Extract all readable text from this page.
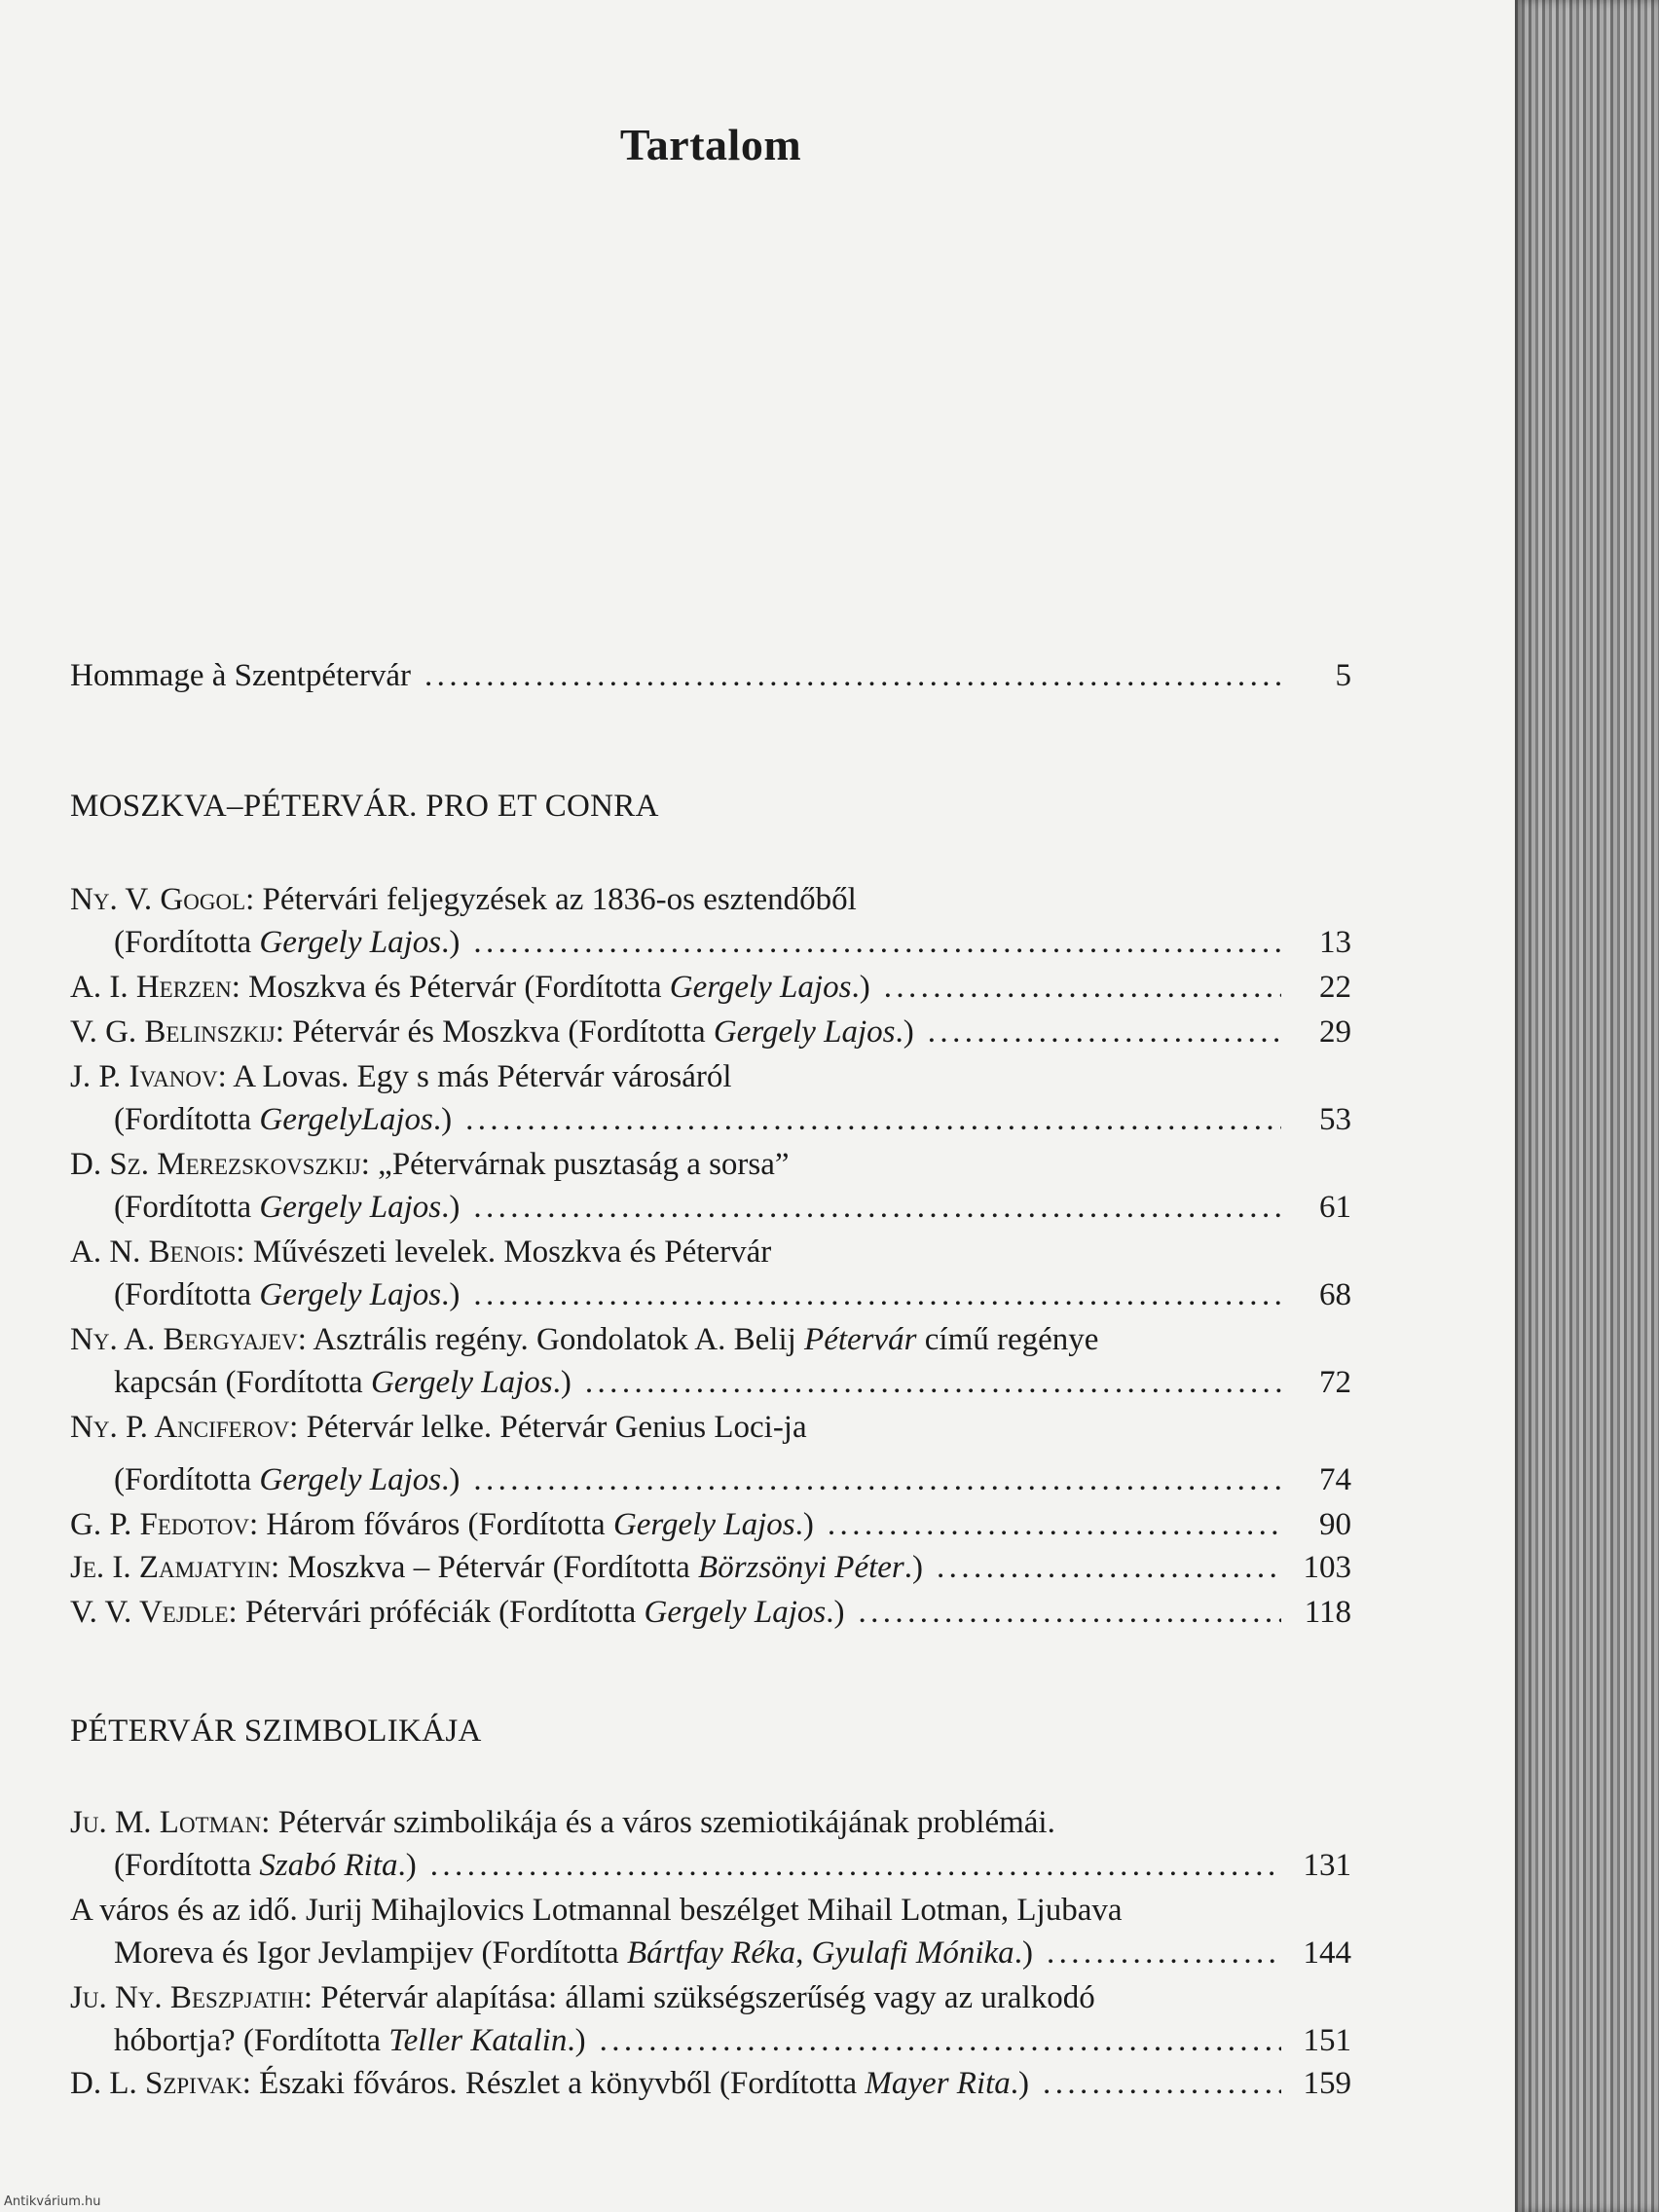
Tartalom
Hommage à Szentpétervár .....	5
MOSZKVA–PÉTERVÁR. PRO ET CONRA
Ny. V. Gogol: Pétervári feljegyzések az 1836-os esztendőből
(Fordította Gergely Lajos.) .....	13
A. I. Herzen: Moszkva és Pétervár (Fordította Gergely Lajos.) .....	22
V. G. Belinszkij: Pétervár és Moszkva (Fordította Gergely Lajos.) .....	29
J. P. Ivanov: A Lovas. Egy s más Pétervár városáról
(Fordította GergelyLajos.) .....	53
D. Sz. Merezskovszkij: „Pétervárnak pusztaság a sorsa”
(Fordította Gergely Lajos.) .....	61
A. N. Benois: Művészeti levelek. Moszkva és Pétervár
(Fordította Gergely Lajos.) .....	68
Ny. A. Bergyajev: Asztrális regény. Gondolatok A. Belij Pétervár című regénye
kapcsán (Fordította Gergely Lajos.) .....	72
Ny. P. Anciferov: Pétervár lelke. Pétervár Genius Loci-ja
(Fordította Gergely Lajos.) .....	74
G. P. Fedotov: Három főváros (Fordította Gergely Lajos.) .....	90
Je. I. Zamjatyin: Moszkva – Pétervár (Fordította Börzsönyi Péter.) .....	103
V. V. Vejdle: Pétervári próféciák (Fordította Gergely Lajos.) .....	118
PÉTERVÁR SZIMBOLIKÁJA
Ju. M. Lotman: Pétervár szimbolikája és a város szemiotikájának problémái.
(Fordította Szabó Rita.) .....	131
A város és az idő. Jurij Mihajlovics Lotmannal beszélget Mihail Lotman, Ljubava
Moreva és Igor Jevlampijev (Fordította Bártfay Réka, Gyulafi Mónika.) .....	144
Ju. Ny. Beszpjatih: Pétervár alapítása: állami szükségszerűség vagy az uralkodó
hóbortja? (Fordította Teller Katalin.) .....	151
D. L. Szpivak: Északi főváros. Részlet a könyvből (Fordította Mayer Rita.) .....	159
Antikvárium.hu
